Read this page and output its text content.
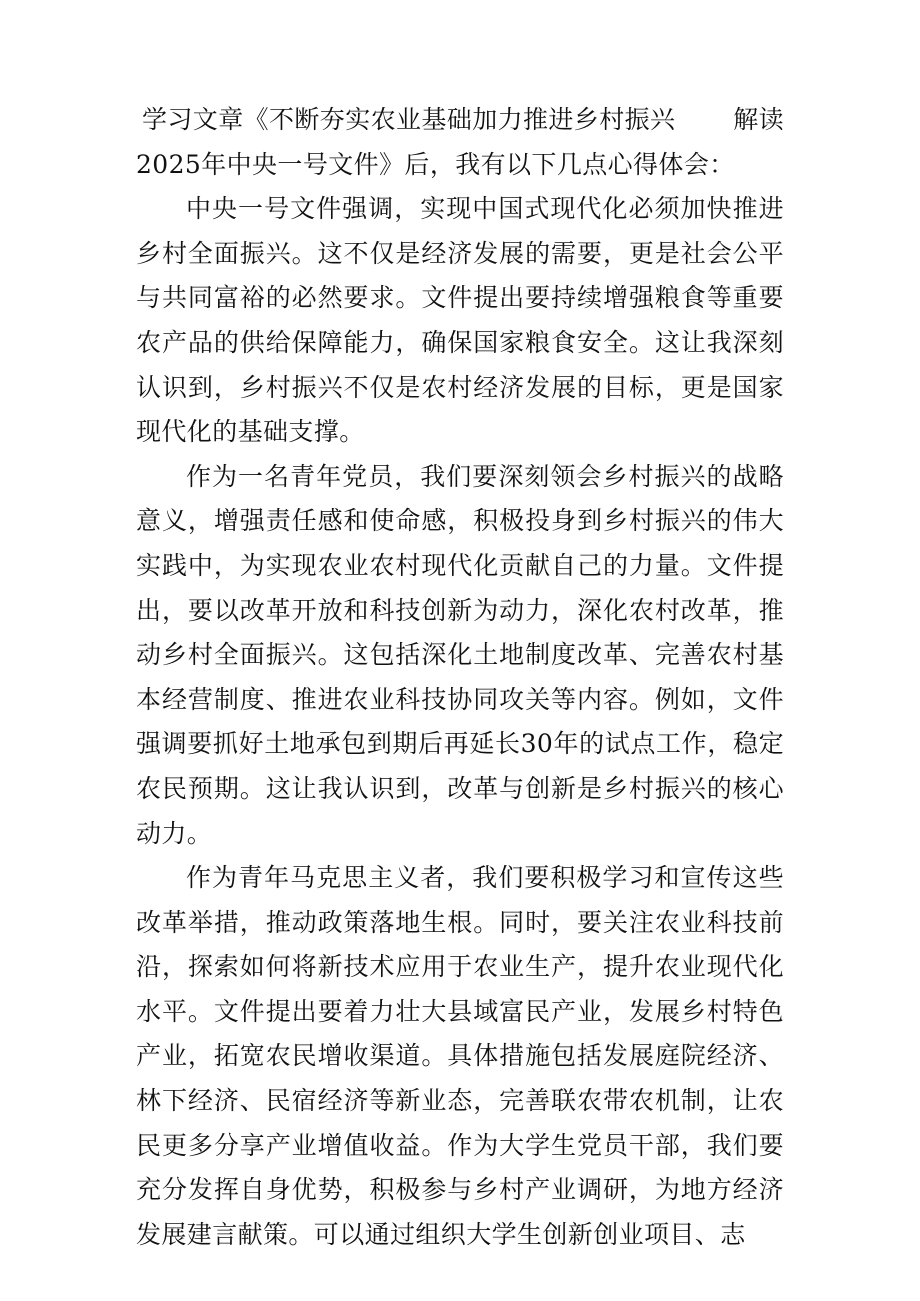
学习文章《不断夯实农业基础加力推进乡村振兴 解读
2025年中央一号文件》后，我有以下几点心得体会：

中央一号文件强调，实现中国式现代化必须加快推进乡村全面振兴。这不仅是经济发展的需要，更是社会公平与共同富裕的必然要求。文件提出要持续增强粮食等重要农产品的供给保障能力，确保国家粮食安全。这让我深刻认识到，乡村振兴不仅是农村经济发展的目标，更是国家现代化的基础支撑。

作为一名青年党员，我们要深刻领会乡村振兴的战略意义，增强责任感和使命感，积极投身到乡村振兴的伟大实践中，为实现农业农村现代化贡献自己的力量。文件提出，要以改革开放和科技创新为动力，深化农村改革，推动乡村全面振兴。这包括深化土地制度改革、完善农村基本经营制度、推进农业科技协同攻关等内容。例如，文件强调要抓好土地承包到期后再延长30年的试点工作，稳定农民预期。这让我认识到，改革与创新是乡村振兴的核心动力。

作为青年马克思主义者，我们要积极学习和宣传这些改革举措，推动政策落地生根。同时，要关注农业科技前沿，探索如何将新技术应用于农业生产，提升农业现代化水平。文件提出要着力壮大县域富民产业，发展乡村特色产业，拓宽农民增收渠道。具体措施包括发展庭院经济、林下经济、民宿经济等新业态，完善联农带农机制，让农民更多分享产业增值收益。作为大学生党员干部，我们要充分发挥自身优势，积极参与乡村产业调研，为地方经济发展建言献策。可以通过组织大学生创新创业项目、志
